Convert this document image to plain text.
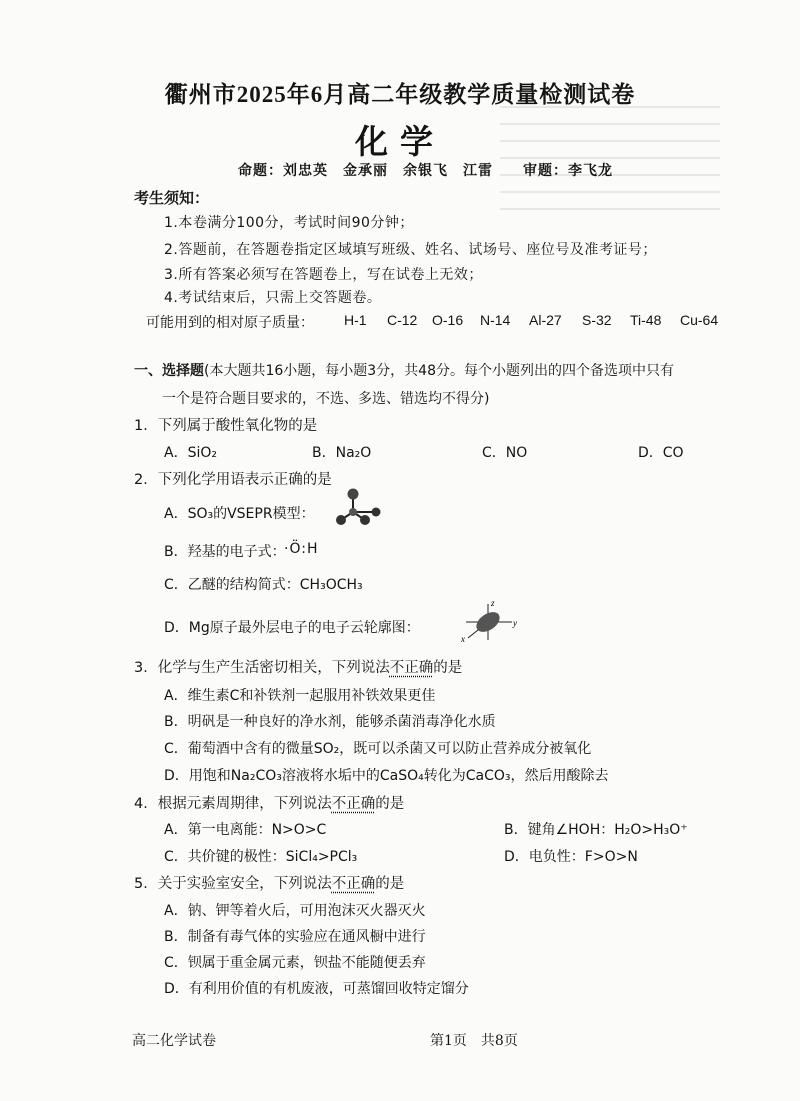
衢州市2025年6月高二年级教学质量检测试卷
化学
命题：刘忠英　金承丽　余银飞　江雷　　审题：李飞龙
考生须知：
1.本卷满分100分，考试时间90分钟；
2.答题前，在答题卷指定区域填写班级、姓名、试场号、座位号及准考证号；
3.所有答案必须写在答题卷上，写在试卷上无效；
4.考试结束后，只需上交答题卷。
可能用到的相对原子质量： H-1 C-12 O-16 N-14 Al-27 S-32 Ti-48 Cu-64
一、选择题(本大题共16小题，每小题3分，共48分。每个小题列出的四个备选项中只有
一个是符合题目要求的，不选、多选、错选均不得分)
1．下列属于酸性氧化物的是
A．SiO₂	B．Na₂O	C．NO	D．CO
2．下列化学用语表示正确的是
A．SO₃的VSEPR模型：
B．羟基的电子式：
·Ö:H
C．乙醚的结构简式：CH₃OCH₃
D．Mg原子最外层电子的电子云轮廓图：
z
y
x
3．化学与生产生活密切相关，下列说法不正确的是
A．维生素C和补铁剂一起服用补铁效果更佳
B．明矾是一种良好的净水剂，能够杀菌消毒净化水质
C．葡萄酒中含有的微量SO₂，既可以杀菌又可以防止营养成分被氧化
D．用饱和Na₂CO₃溶液将水垢中的CaSO₄转化为CaCO₃，然后用酸除去
4．根据元素周期律，下列说法不正确的是
A．第一电离能：N>O>C	B．键角∠HOH：H₂O>H₃O⁺
C．共价键的极性：SiCl₄>PCl₃	D．电负性：F>O>N
5．关于实验室安全，下列说法不正确的是
A．钠、钾等着火后，可用泡沫灭火器灭火
B．制备有毒气体的实验应在通风橱中进行
C．钡属于重金属元素，钡盐不能随便丢弃
D．有利用价值的有机废液，可蒸馏回收特定馏分
高二化学试卷	第1页　共8页
